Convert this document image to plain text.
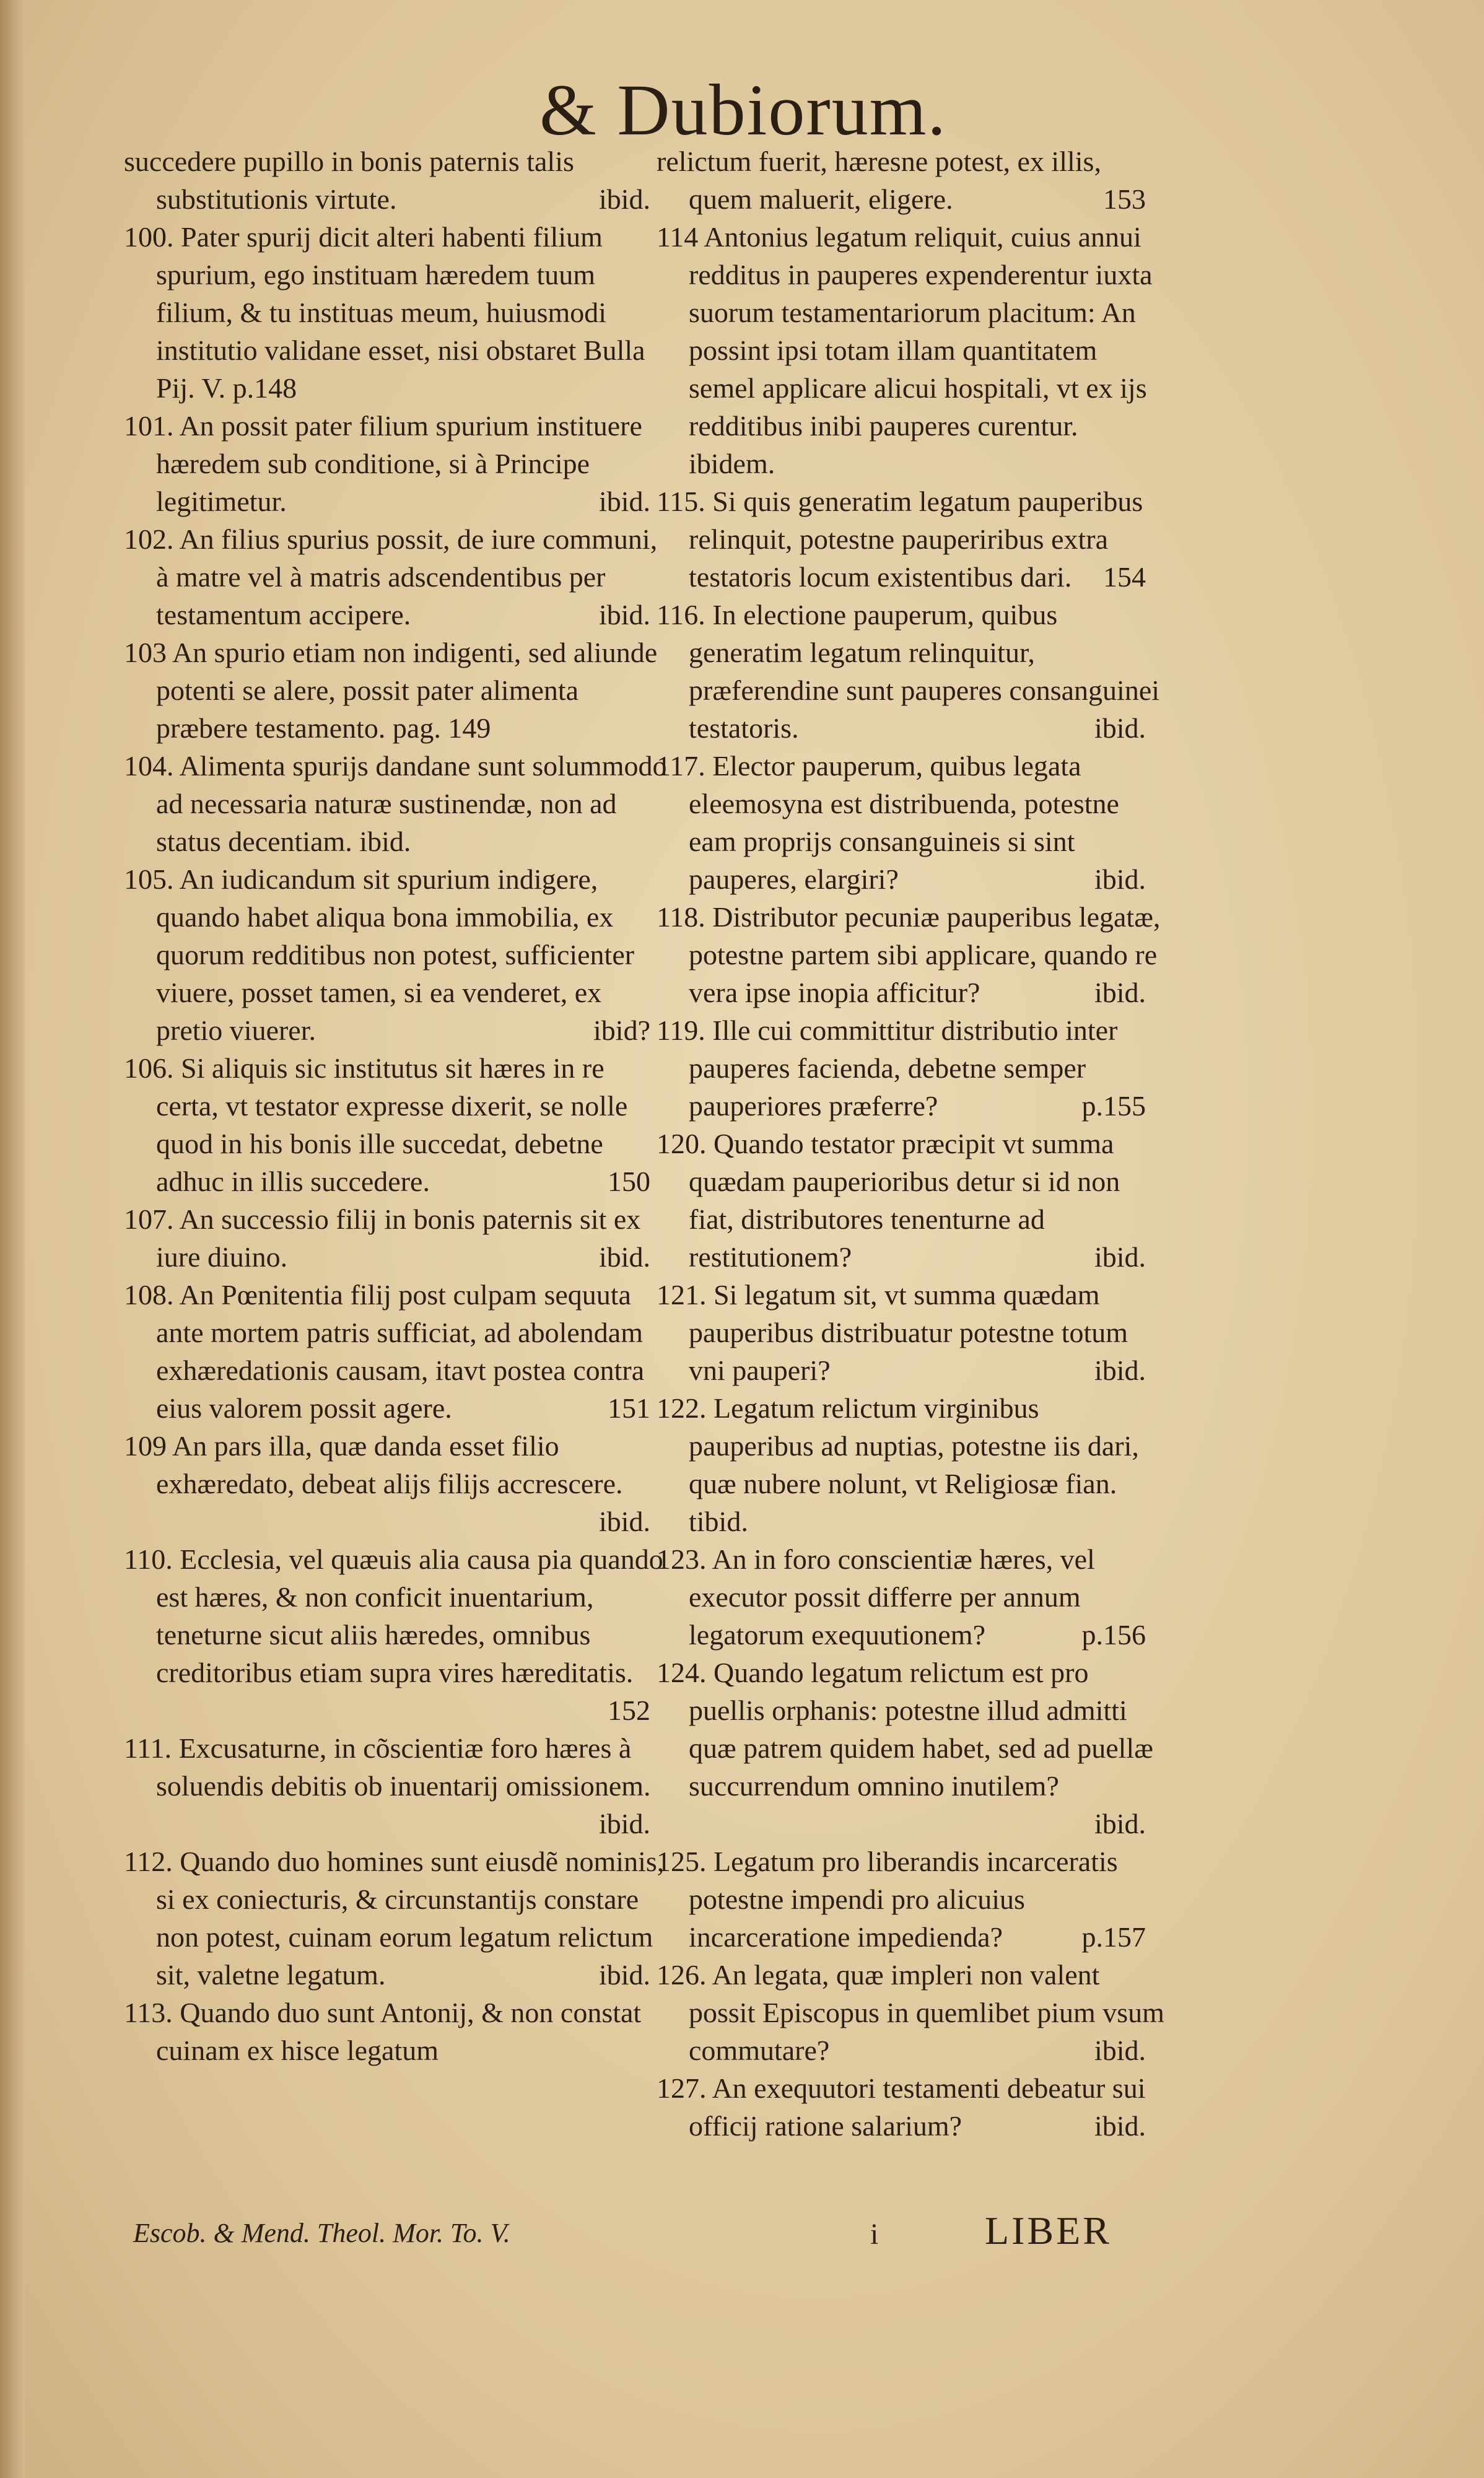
& Dubiorum.
succedere pupillo in bonis paternis talis substitutionis virtute.	ibid.
100. Pater spurij dicit alteri habenti filium spurium, ego instituam hæredem tuum filium, & tu instituas meum, huiusmodi institutio validane esset, nisi obstaret Bulla Pij. V. p.148
101. An possit pater filium spurium instituere hæredem sub conditione, si à Principe legitimetur.	ibid.
102. An filius spurius possit, de iure communi, à matre vel à matris adscendentibus per testamentum accipere.	ibid.
103 An spurio etiam non indigenti, sed aliunde potenti se alere, possit pater alimenta præbere testamento. pag. 149
104. Alimenta spurijs dandane sunt solummodo ad necessaria naturæ sustinendæ, non ad status decentiam. ibid.
105. An iudicandum sit spurium indigere, quando habet aliqua bona immobilia, ex quorum redditibus non potest, sufficienter viuere, posset tamen, si ea venderet, ex pretio viuerer.	ibid?
106. Si aliquis sic institutus sit hæres in re certa, vt testator expresse dixerit, se nolle quod in his bonis ille succedat, debetne adhuc in illis succedere.	150
107. An successio filij in bonis paternis sit ex iure diuino.	ibid.
108. An Pœnitentia filij post culpam sequuta ante mortem patris sufficiat, ad abolendam exhæredationis causam, itavt postea contra eius valorem possit agere.	151
109 An pars illa, quæ danda esset filio exhæredato, debeat alijs filijs accrescere.
ibid.
110. Ecclesia, vel quæuis alia causa pia quando est hæres, & non conficit inuentarium, teneturne sicut aliis hæredes, omnibus creditoribus etiam supra vires hæreditatis.
152
111. Excusaturne, in cõscientiæ foro hæres à soluendis debitis ob inuentarij omissionem.
ibid.
112. Quando duo homines sunt eiusdẽ nominis, si ex coniecturis, & circunstantijs constare non potest, cuinam eorum legatum relictum sit, valetne legatum.	ibid.
113. Quando duo sunt Antonij, & non constat cuinam ex hisce legatum
relictum fuerit, hæresne potest, ex illis, quem maluerit, eligere.	153
114 Antonius legatum reliquit, cuius annui redditus in pauperes expenderentur iuxta suorum testamentariorum placitum: An possint ipsi totam illam quantitatem semel applicare alicui hospitali, vt ex ijs redditibus inibi pauperes curentur. ibidem.
115. Si quis generatim legatum pauperibus relinquit, potestne pauperiribus extra testatoris locum existentibus dari.	154
116. In electione pauperum, quibus generatim legatum relinquitur, præferendine sunt pauperes consanguinei testatoris.	ibid.
117. Elector pauperum, quibus legata eleemosyna est distribuenda, potestne eam proprijs consanguineis si sint pauperes, elargiri?	ibid.
118. Distributor pecuniæ pauperibus legatæ, potestne partem sibi applicare, quando re vera ipse inopia afficitur?	ibid.
119. Ille cui committitur distributio inter pauperes facienda, debetne semper pauperiores præferre?	p.155
120. Quando testator præcipit vt summa quædam pauperioribus detur si id non fiat, distributores tenenturne ad restitutionem?	ibid.
121. Si legatum sit, vt summa quædam pauperibus distribuatur potestne totum vni pauperi?	ibid.
122. Legatum relictum virginibus pauperibus ad nuptias, potestne iis dari, quæ nubere nolunt, vt Religiosæ fian. tibid.
123. An in foro conscientiæ hæres, vel executor possit differre per annum legatorum exequutionem?	p.156
124. Quando legatum relictum est pro puellis orphanis: potestne illud admitti quæ patrem quidem habet, sed ad puellæ succurrendum omnino inutilem?
ibid.
125. Legatum pro liberandis incarceratis potestne impendi pro alicuius incarceratione impedienda?	p.157
126. An legata, quæ impleri non valent possit Episcopus in quemlibet pium vsum commutare?	ibid.
127. An exequutori testamenti debeatur sui officij ratione salarium?	ibid.
Escob. & Mend. Theol. Mor. To. V.	i	LIBER
